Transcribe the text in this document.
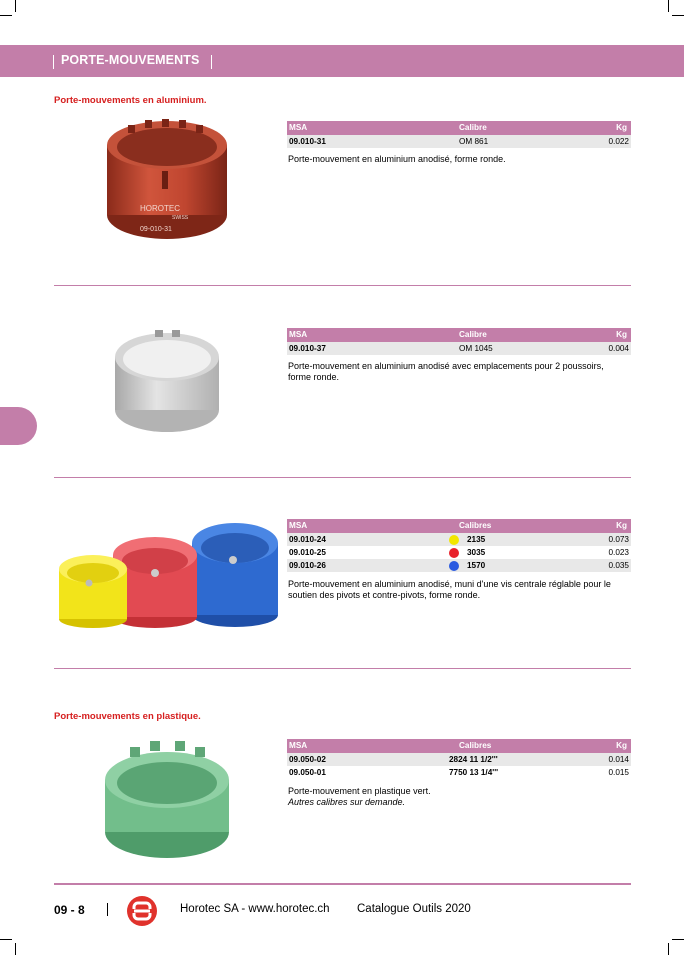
PORTE-MOUVEMENTS
Porte-mouvements en aluminium.
HOROTEC
SWISS
09-010-31
MSA	Calibre	Kg
09.010-31	OM 861	0.022
Porte-mouvement en aluminium anodisé, forme ronde.
MSA	Calibre	Kg
09.010-37	OM 1045	0.004
Porte-mouvement en aluminium anodisé avec emplacements pour 2 poussoirs, forme ronde.
MSA	Calibres	Kg
09.010-24	2135	0.073
09.010-25	3035	0.023
09.010-26	1570	0.035
Porte-mouvement en aluminium anodisé, muni d'une vis centrale réglable pour le soutien des pivots et contre-pivots, forme ronde.
Porte-mouvements en plastique.
MSA	Calibres	Kg
09.050-02	2824 11 1/2'''	0.014
09.050-01	7750 13 1/4'''	0.015
Porte-mouvement en plastique vert.
Autres calibres sur demande.
09 - 8	Horotec SA - www.horotec.ch Catalogue Outils 2020
